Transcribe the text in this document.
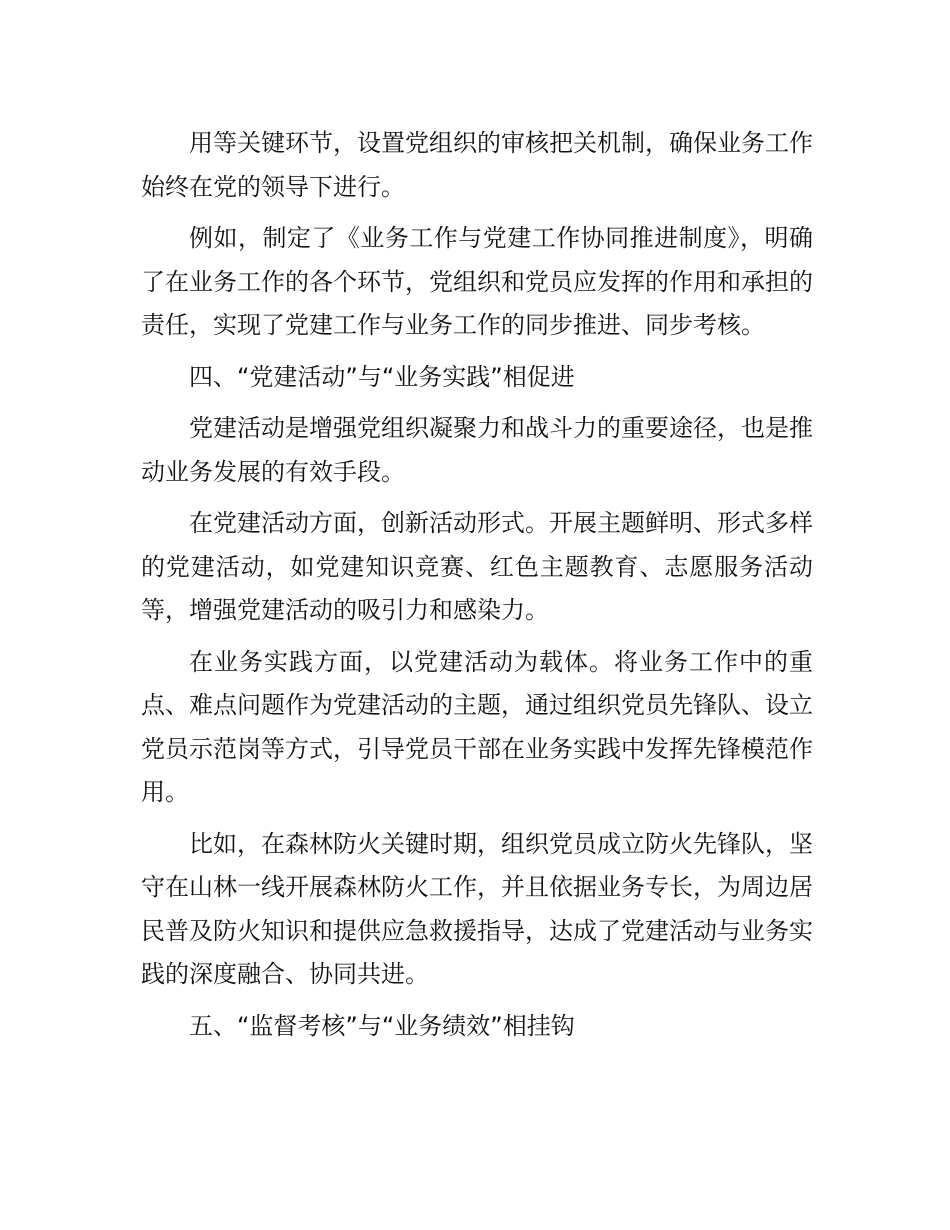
用等关键环节，设置党组织的审核把关机制，确保业务工作始终在党的领导下进行。

例如，制定了《业务工作与党建工作协同推进制度》，明确了在业务工作的各个环节，党组织和党员应发挥的作用和承担的责任，实现了党建工作与业务工作的同步推进、同步考核。

四、“党建活动”与“业务实践”相促进

党建活动是增强党组织凝聚力和战斗力的重要途径，也是推动业务发展的有效手段。

在党建活动方面，创新活动形式。开展主题鲜明、形式多样的党建活动，如党建知识竞赛、红色主题教育、志愿服务活动等，增强党建活动的吸引力和感染力。

在业务实践方面，以党建活动为载体。将业务工作中的重点、难点问题作为党建活动的主题，通过组织党员先锋队、设立党员示范岗等方式，引导党员干部在业务实践中发挥先锋模范作用。

比如，在森林防火关键时期，组织党员成立防火先锋队，坚守在山林一线开展森林防火工作，并且依据业务专长，为周边居民普及防火知识和提供应急救援指导，达成了党建活动与业务实践的深度融合、协同共进。

五、“监督考核”与“业务绩效”相挂钩
